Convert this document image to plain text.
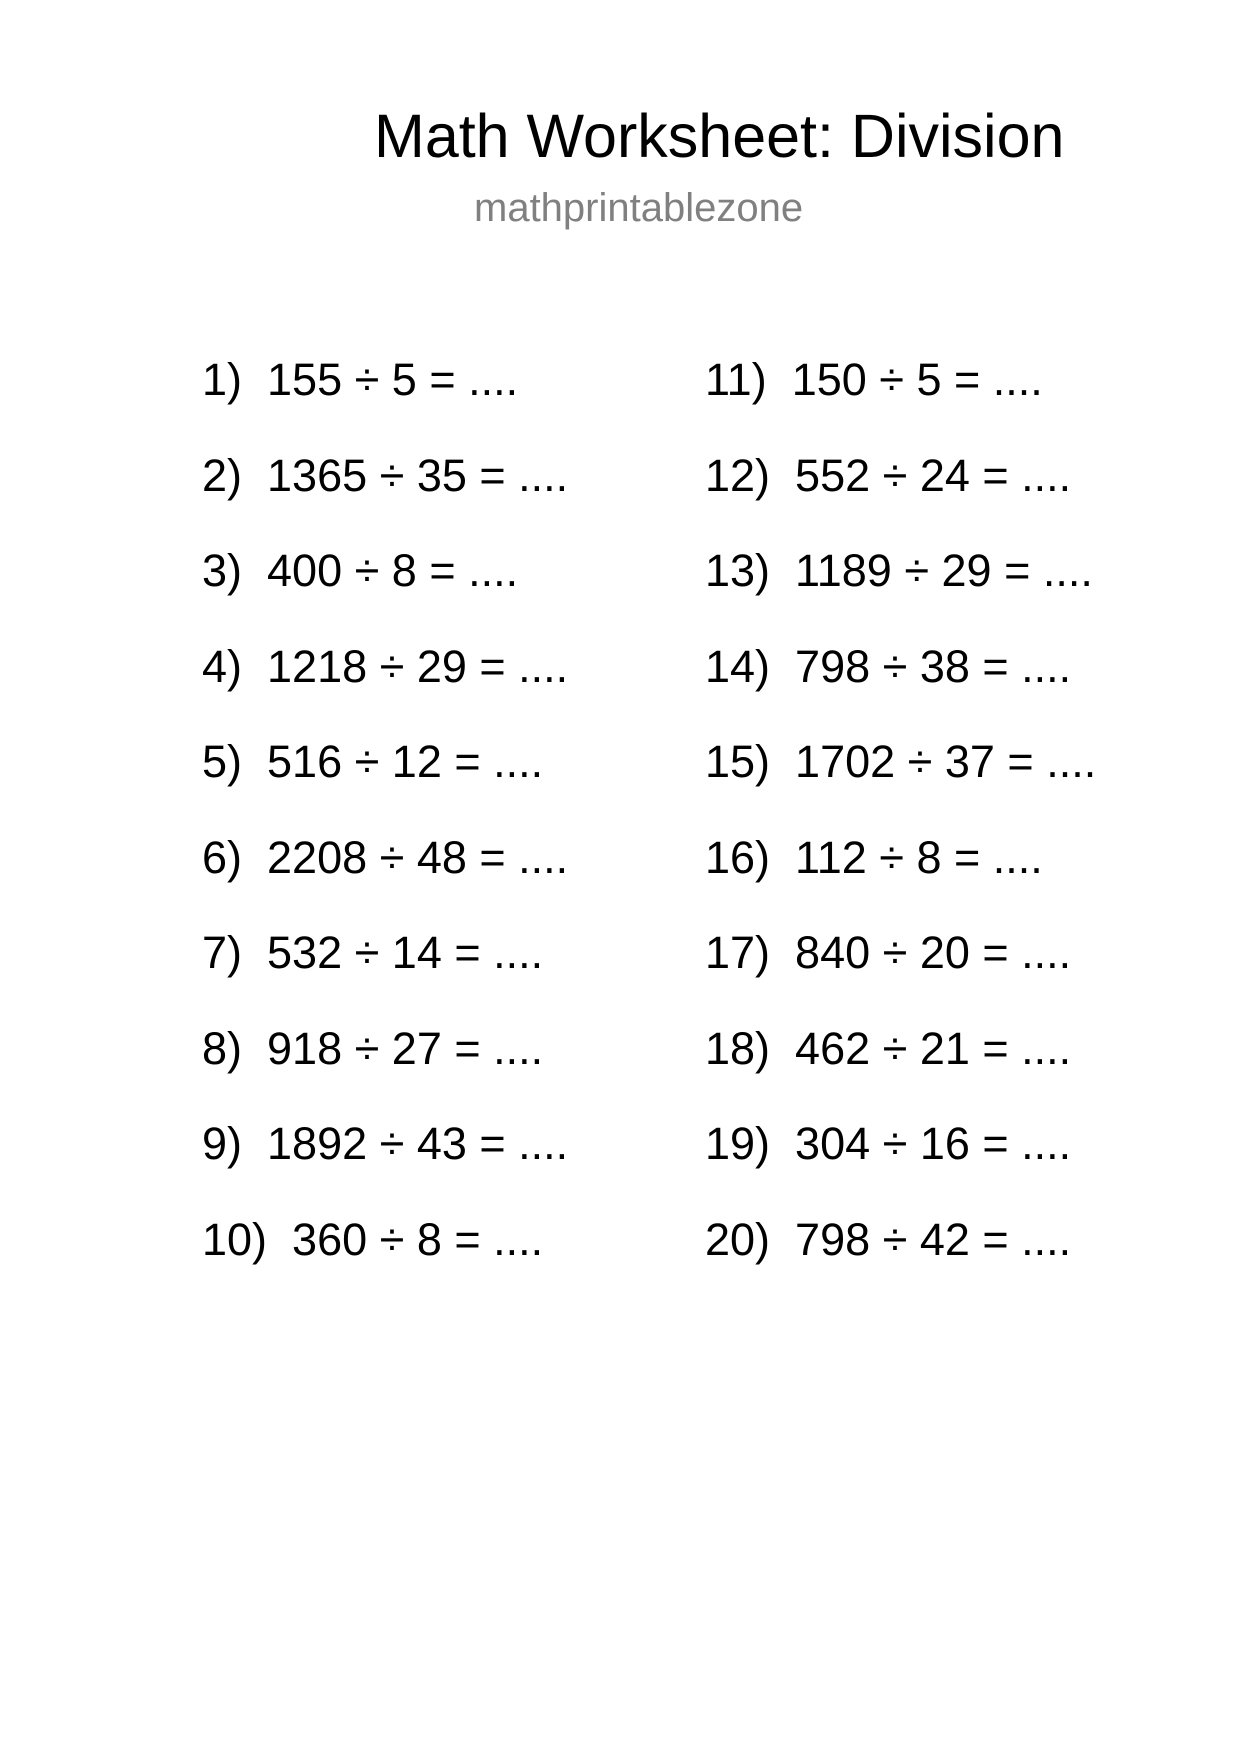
Math Worksheet: Division
mathprintablezone
1)  155 ÷ 5 = ....
2)  1365 ÷ 35 = ....
3)  400 ÷ 8 = ....
4)  1218 ÷ 29 = ....
5)  516 ÷ 12 = ....
6)  2208 ÷ 48 = ....
7)  532 ÷ 14 = ....
8)  918 ÷ 27 = ....
9)  1892 ÷ 43 = ....
10)  360 ÷ 8 = ....
11)  150 ÷ 5 = ....
12)  552 ÷ 24 = ....
13)  1189 ÷ 29 = ....
14)  798 ÷ 38 = ....
15)  1702 ÷ 37 = ....
16)  112 ÷ 8 = ....
17)  840 ÷ 20 = ....
18)  462 ÷ 21 = ....
19)  304 ÷ 16 = ....
20)  798 ÷ 42 = ....
